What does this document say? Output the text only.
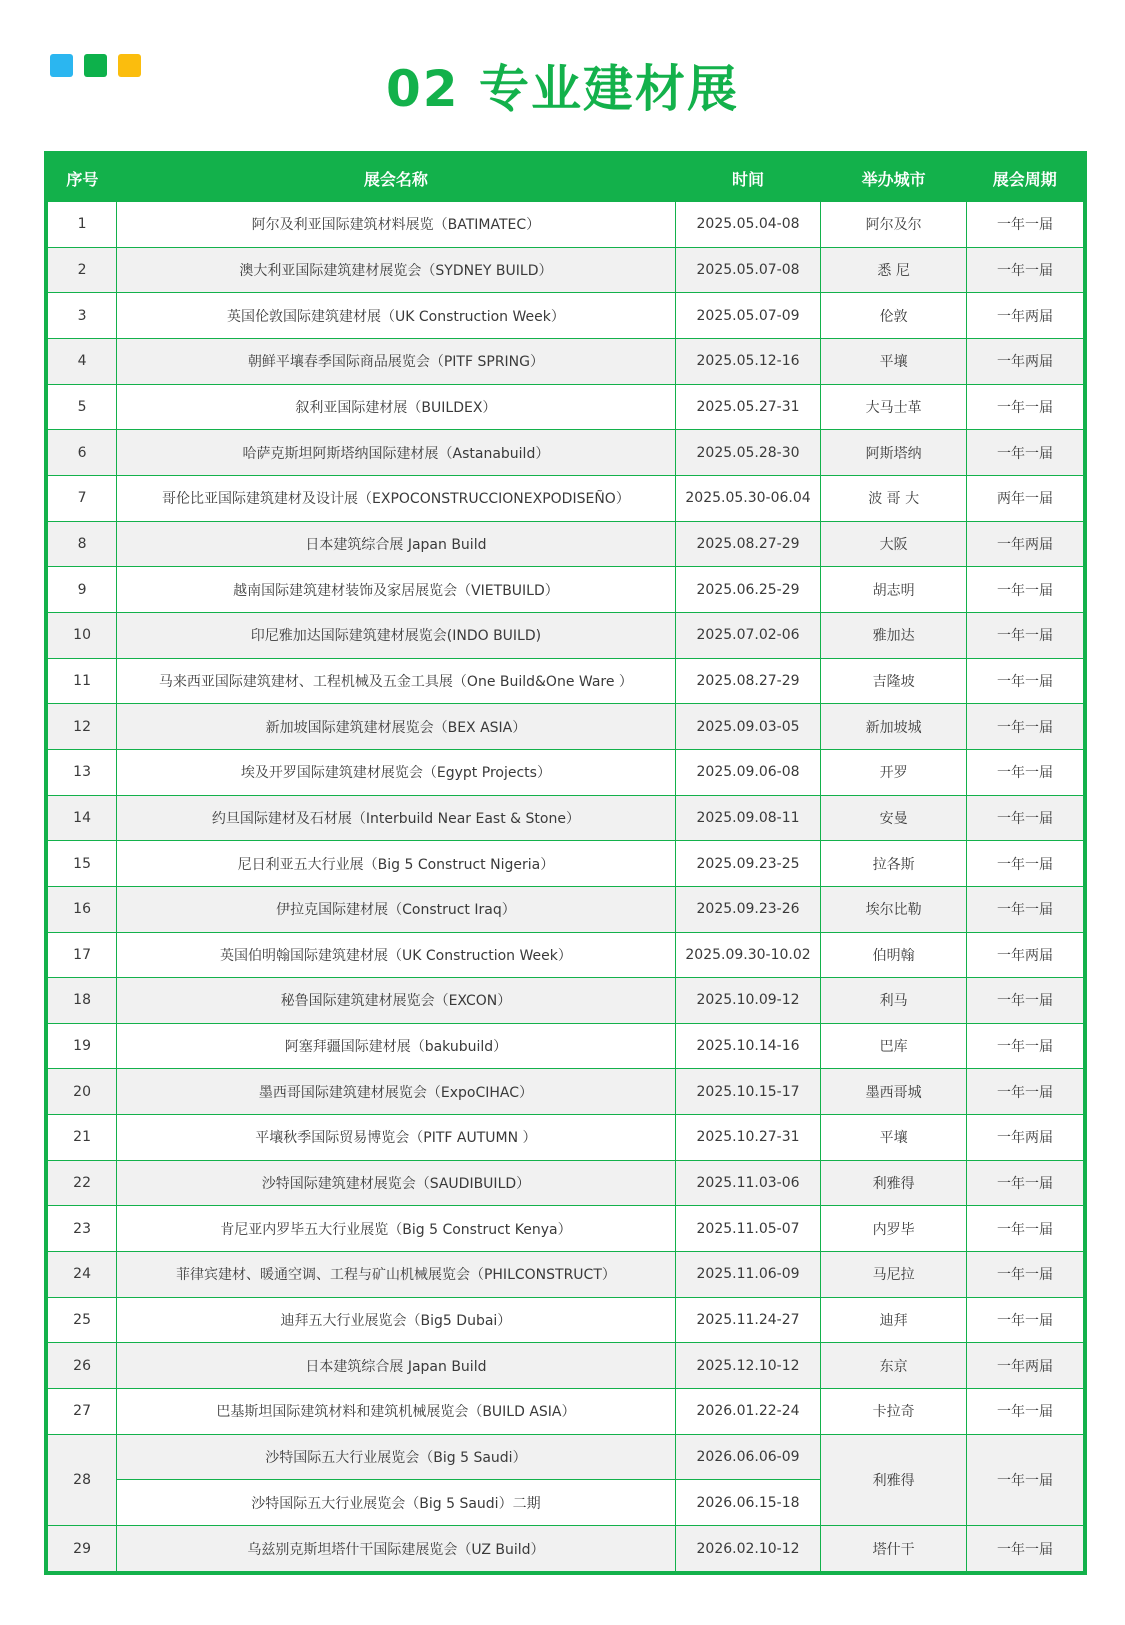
02 专业建材展
序号	展会名称	时间	举办城市	展会周期
1	阿尔及利亚国际建筑材料展览（BATIMATEC）	2025.05.04-08	阿尔及尔	一年一届
2	澳大利亚国际建筑建材展览会（SYDNEY BUILD）	2025.05.07-08	悉 尼	一年一届
3	英国伦敦国际建筑建材展（UK Construction Week）	2025.05.07-09	伦敦	一年两届
4	朝鲜平壤春季国际商品展览会（PITF SPRING）	2025.05.12-16	平壤	一年两届
5	叙利亚国际建材展（BUILDEX）	2025.05.27-31	大马士革	一年一届
6	哈萨克斯坦阿斯塔纳国际建材展（Astanabuild）	2025.05.28-30	阿斯塔纳	一年一届
7	哥伦比亚国际建筑建材及设计展（EXPOCONSTRUCCIONEXPODISEÑO）	2025.05.30-06.04	波 哥 大	两年一届
8	日本建筑综合展 Japan Build	2025.08.27-29	大阪	一年两届
9	越南国际建筑建材装饰及家居展览会（VIETBUILD）	2025.06.25-29	胡志明	一年一届
10	印尼雅加达国际建筑建材展览会(INDO BUILD)	2025.07.02-06	雅加达	一年一届
11	马来西亚国际建筑建材、工程机械及五金工具展（One Build&One Ware ）	2025.08.27-29	吉隆坡	一年一届
12	新加坡国际建筑建材展览会（BEX ASIA）	2025.09.03-05	新加坡城	一年一届
13	埃及开罗国际建筑建材展览会（Egypt Projects）	2025.09.06-08	开罗	一年一届
14	约旦国际建材及石材展（Interbuild Near East & Stone）	2025.09.08-11	安曼	一年一届
15	尼日利亚五大行业展（Big 5 Construct Nigeria）	2025.09.23-25	拉各斯	一年一届
16	伊拉克国际建材展（Construct Iraq）	2025.09.23-26	埃尔比勒	一年一届
17	英国伯明翰国际建筑建材展（UK Construction Week）	2025.09.30-10.02	伯明翰	一年两届
18	秘鲁国际建筑建材展览会（EXCON）	2025.10.09-12	利马	一年一届
19	阿塞拜疆国际建材展（bakubuild）	2025.10.14-16	巴库	一年一届
20	墨西哥国际建筑建材展览会（ExpoCIHAC）	2025.10.15-17	墨西哥城	一年一届
21	平壤秋季国际贸易博览会（PITF AUTUMN ）	2025.10.27-31	平壤	一年两届
22	沙特国际建筑建材展览会（SAUDIBUILD）	2025.11.03-06	利雅得	一年一届
23	肯尼亚内罗毕五大行业展览（Big 5 Construct Kenya）	2025.11.05-07	内罗毕	一年一届
24	菲律宾建材、暖通空调、工程与矿山机械展览会（PHILCONSTRUCT）	2025.11.06-09	马尼拉	一年一届
25	迪拜五大行业展览会（Big5 Dubai）	2025.11.24-27	迪拜	一年一届
26	日本建筑综合展 Japan Build	2025.12.10-12	东京	一年两届
27	巴基斯坦国际建筑材料和建筑机械展览会（BUILD ASIA）	2026.01.22-24	卡拉奇	一年一届
28	沙特国际五大行业展览会（Big 5 Saudi）	2026.06.06-09	利雅得	一年一届
	沙特国际五大行业展览会（Big 5 Saudi）二期	2026.06.15-18		
29	乌兹别克斯坦塔什干国际建展览会（UZ Build）	2026.02.10-12	塔什干	一年一届
